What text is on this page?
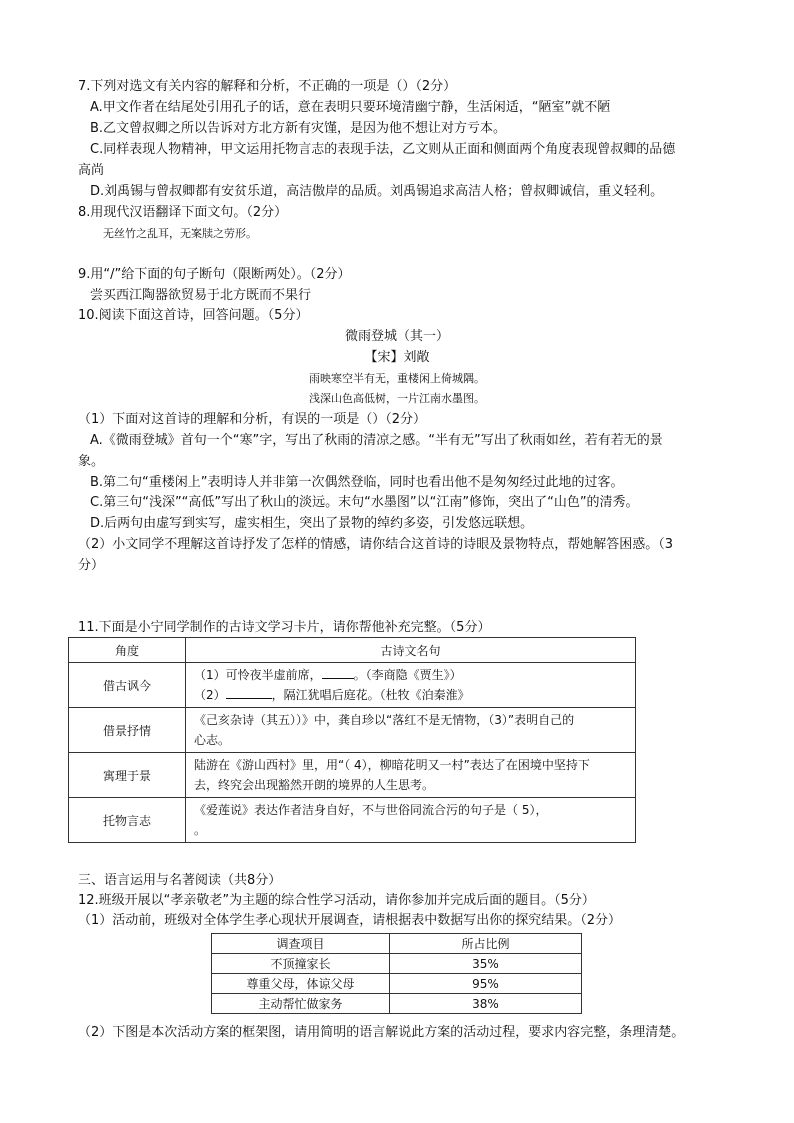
7.下列对选文有关内容的解释和分析，不正确的一项是（）（2分）
A.甲文作者在结尾处引用孔子的话，意在表明只要环境清幽宁静，生活闲适，“陋室”就不陋
B.乙文曾叔卿之所以告诉对方北方新有灾馑，是因为他不想让对方亏本。
C.同样表现人物精神，甲文运用托物言志的表现手法，乙文则从正面和侧面两个角度表现曾叔卿的品德
高尚
D.刘禹锡与曾叔卿都有安贫乐道，高洁傲岸的品质。刘禹锡追求高洁人格；曾叔卿诚信，重义轻利。
8.用现代汉语翻译下面文句。（2分）
无丝竹之乱耳，无案牍之劳形。
9.用“/”给下面的句子断句（限断两处）。（2分）
尝买西江陶器欲贸易于北方既而不果行
10.阅读下面这首诗，回答问题。（5分）
微雨登城（其一）
【宋】刘敞
雨映寒空半有无，重楼闲上倚城隅。
浅深山色高低树，一片江南水墨图。
（1）下面对这首诗的理解和分析，有误的一项是（）（2分）
A.《微雨登城》首句一个“寒”字，写出了秋雨的清凉之感。“半有无”写出了秋雨如丝，若有若无的景
象。
B.第二句“重楼闲上”表明诗人并非第一次偶然登临，同时也看出他不是匆匆经过此地的过客。
C.第三句“浅深”“高低”写出了秋山的淡远。末句“水墨图”以“江南”修饰，突出了“山色”的清秀。
D.后两句由虚写到实写，虚实相生，突出了景物的绰约多姿，引发悠远联想。
（2）小文同学不理解这首诗抒发了怎样的情感，请你结合这首诗的诗眼及景物特点，帮她解答困惑。（3
分）
11.下面是小宁同学制作的古诗文学习卡片，请你帮他补充完整。（5分）
角度	古诗文名句
借古讽今	（1）可怜夜半虚前席， 。（李商隐《贾生》）
（2） ，隔江犹唱后庭花。（杜牧《泊秦淮》

借景抒情	《己亥杂诗（其五））》中，龚自珍以“落红不是无情物，（3）”表明自己的
心志。

寓理于景	陆游在《游山西村》里，用“（ 4），柳暗花明又一村”表达了在困境中坚持下
去，终究会出现豁然开朗的境界的人生思考。

托物言志	《爱莲说》表达作者洁身自好，不与世俗同流合污的句子是（ 5），
。
三、语言运用与名著阅读（共8分）
12.班级开展以“孝亲敬老”为主题的综合性学习活动，请你参加并完成后面的题目。（5分）
（1）活动前，班级对全体学生孝心现状开展调查，请根据表中数据写出你的探究结果。（2分）
调查项目	所占比例
不顶撞家长	35%
尊重父母，体谅父母	95%
主动帮忙做家务	38%
（2）下图是本次活动方案的框架图，请用简明的语言解说此方案的活动过程，要求内容完整，条理清楚。
